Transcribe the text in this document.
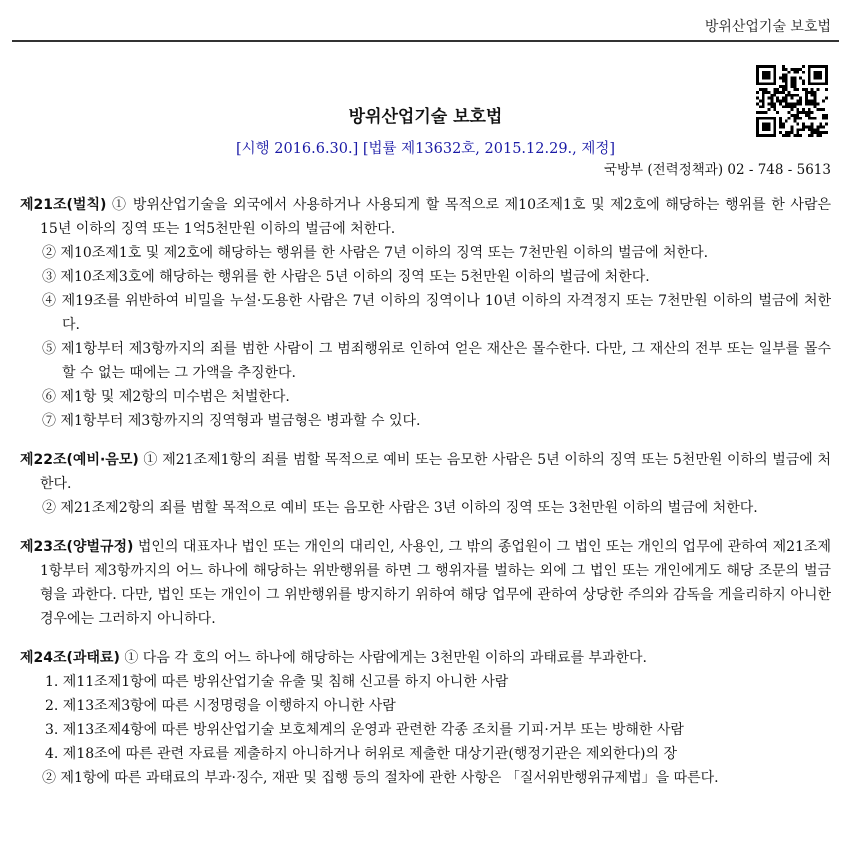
방위산업기술 보호법
방위산업기술 보호법
[시행 2016.6.30.] [법률 제13632호, 2015.12.29., 제정]
국방부 (전력정책과) 02 - 748 - 5613
제21조(벌칙) ① 방위산업기술을 외국에서 사용하거나 사용되게 할 목적으로 제10조제1호 및 제2호에 해당하는 행위를 한 사람은 15년 이하의 징역 또는 1억5천만원 이하의 벌금에 처한다.
② 제10조제1호 및 제2호에 해당하는 행위를 한 사람은 7년 이하의 징역 또는 7천만원 이하의 벌금에 처한다.
③ 제10조제3호에 해당하는 행위를 한 사람은 5년 이하의 징역 또는 5천만원 이하의 벌금에 처한다.
④ 제19조를 위반하여 비밀을 누설·도용한 사람은 7년 이하의 징역이나 10년 이하의 자격정지 또는 7천만원 이하의 벌금에 처한다.
⑤ 제1항부터 제3항까지의 죄를 범한 사람이 그 범죄행위로 인하여 얻은 재산은 몰수한다. 다만, 그 재산의 전부 또는 일부를 몰수할 수 없는 때에는 그 가액을 추징한다.
⑥ 제1항 및 제2항의 미수범은 처벌한다.
⑦ 제1항부터 제3항까지의 징역형과 벌금형은 병과할 수 있다.
제22조(예비·음모) ① 제21조제1항의 죄를 범할 목적으로 예비 또는 음모한 사람은 5년 이하의 징역 또는 5천만원 이하의 벌금에 처한다.
② 제21조제2항의 죄를 범할 목적으로 예비 또는 음모한 사람은 3년 이하의 징역 또는 3천만원 이하의 벌금에 처한다.
제23조(양벌규정) 법인의 대표자나 법인 또는 개인의 대리인, 사용인, 그 밖의 종업원이 그 법인 또는 개인의 업무에 관하여 제21조제1항부터 제3항까지의 어느 하나에 해당하는 위반행위를 하면 그 행위자를 벌하는 외에 그 법인 또는 개인에게도 해당 조문의 벌금형을 과한다. 다만, 법인 또는 개인이 그 위반행위를 방지하기 위하여 해당 업무에 관하여 상당한 주의와 감독을 게을리하지 아니한 경우에는 그러하지 아니하다.
제24조(과태료) ① 다음 각 호의 어느 하나에 해당하는 사람에게는 3천만원 이하의 과태료를 부과한다.
1. 제11조제1항에 따른 방위산업기술 유출 및 침해 신고를 하지 아니한 사람
2. 제13조제3항에 따른 시정명령을 이행하지 아니한 사람
3. 제13조제4항에 따른 방위산업기술 보호체계의 운영과 관련한 각종 조치를 기피·거부 또는 방해한 사람
4. 제18조에 따른 관련 자료를 제출하지 아니하거나 허위로 제출한 대상기관(행정기관은 제외한다)의 장
② 제1항에 따른 과태료의 부과·징수, 재판 및 집행 등의 절차에 관한 사항은 「질서위반행위규제법」을 따른다.
